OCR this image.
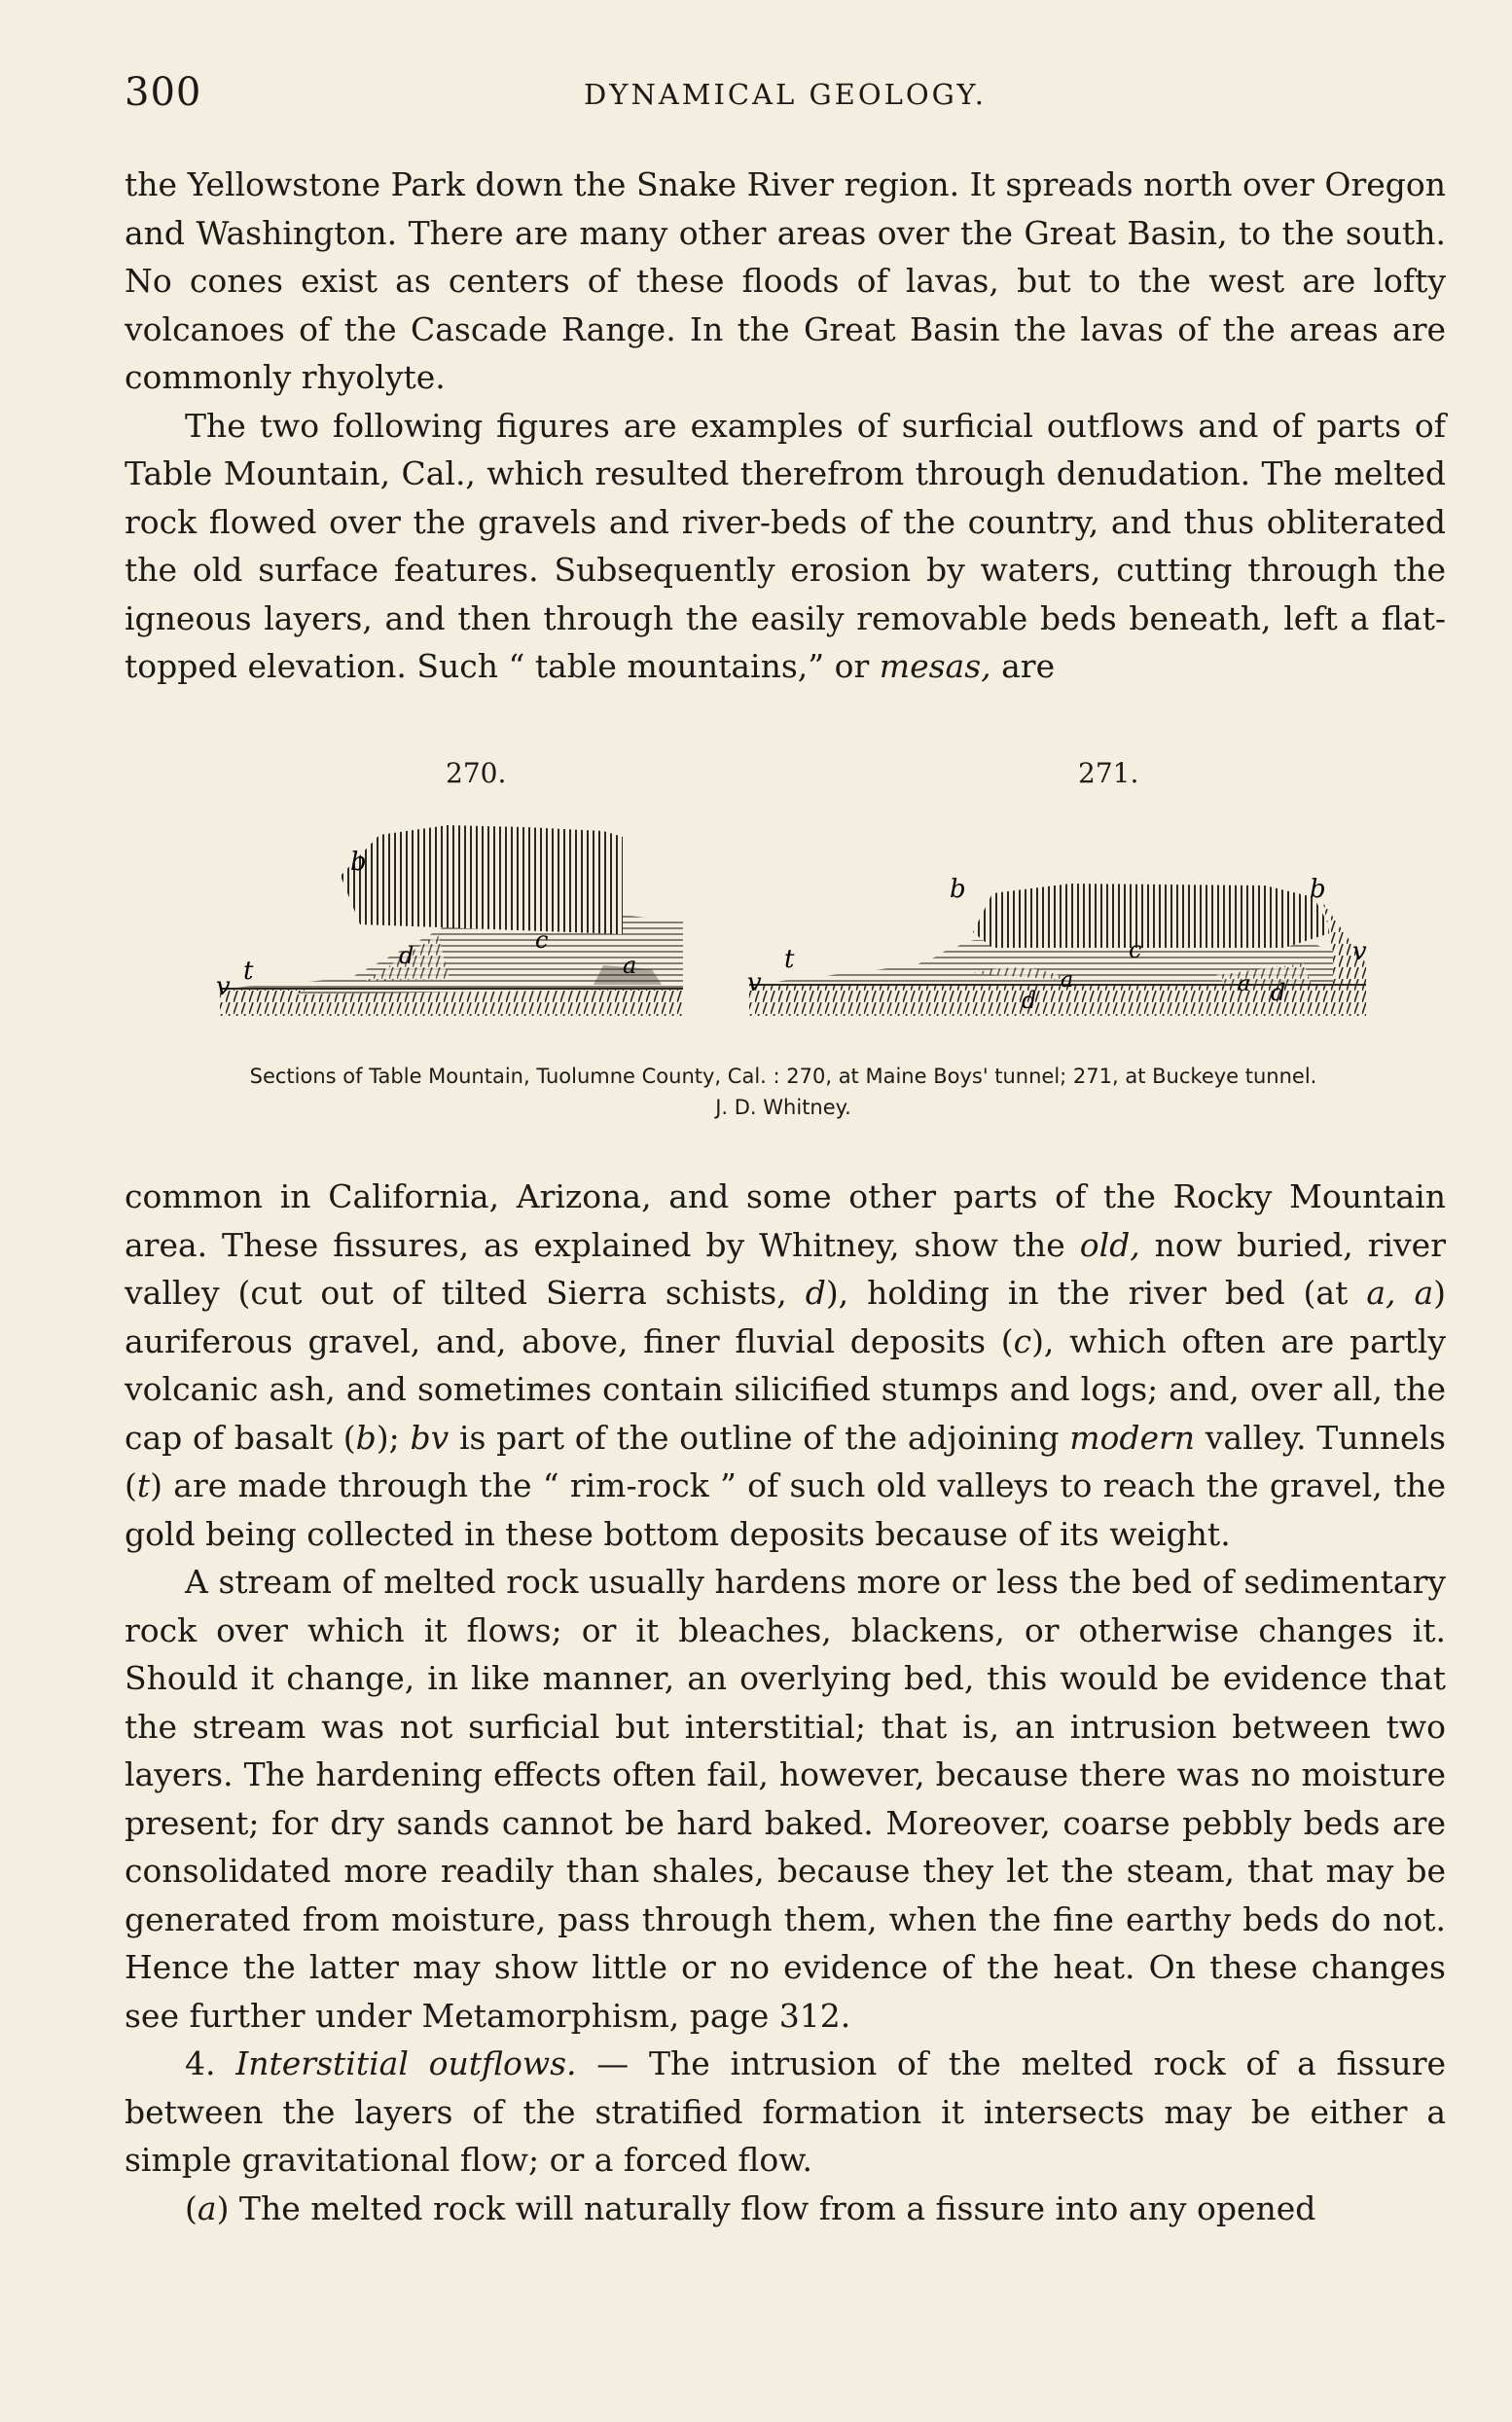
300	DYNAMICAL GEOLOGY.

the Yellowstone Park down the Snake River region. It spreads north over Oregon and Washington. There are many other areas over the Great Basin, to the south. No cones exist as centers of these floods of lavas, but to the west are lofty volcanoes of the Cascade Range. In the Great Basin the lavas of the areas are commonly rhyolyte.

The two following figures are examples of surficial outflows and of parts of Table Mountain, Cal., which resulted therefrom through denudation. The melted rock flowed over the gravels and river-beds of the country, and thus obliterated the old surface features. Subsequently erosion by waters, cutting through the igneous layers, and then through the easily removable beds beneath, left a flat-topped elevation. Such “ table mountains,” or mesas, are

270.	271.
b
c
d	a
v
t
b	b
c
d	d
a	a
v
v
t

Sections of Table Mountain, Tuolumne County, Cal. : 270, at Maine Boys' tunnel; 271, at Buckeye tunnel.

J. D. Whitney.

common in California, Arizona, and some other parts of the Rocky Mountain area. These fissures, as explained by Whitney, show the old, now buried, river valley (cut out of tilted Sierra schists, d), holding in the river bed (at a, a) auriferous gravel, and, above, finer fluvial deposits (c), which often are partly volcanic ash, and sometimes contain silicified stumps and logs; and, over all, the cap of basalt (b); bv is part of the outline of the adjoining modern valley. Tunnels (t) are made through the “ rim-rock ” of such old valleys to reach the gravel, the gold being collected in these bottom deposits because of its weight.

A stream of melted rock usually hardens more or less the bed of sedimentary rock over which it flows; or it bleaches, blackens, or otherwise changes it. Should it change, in like manner, an overlying bed, this would be evidence that the stream was not surficial but interstitial; that is, an intrusion between two layers. The hardening effects often fail, however, because there was no moisture present; for dry sands cannot be hard baked. Moreover, coarse pebbly beds are consolidated more readily than shales, because they let the steam, that may be generated from moisture, pass through them, when the fine earthy beds do not. Hence the latter may show little or no evidence of the heat. On these changes see further under Metamorphism, page 312.

4. Interstitial outflows. — The intrusion of the melted rock of a fissure between the layers of the stratified formation it intersects may be either a simple gravitational flow; or a forced flow.

(a) The melted rock will naturally flow from a fissure into any opened
